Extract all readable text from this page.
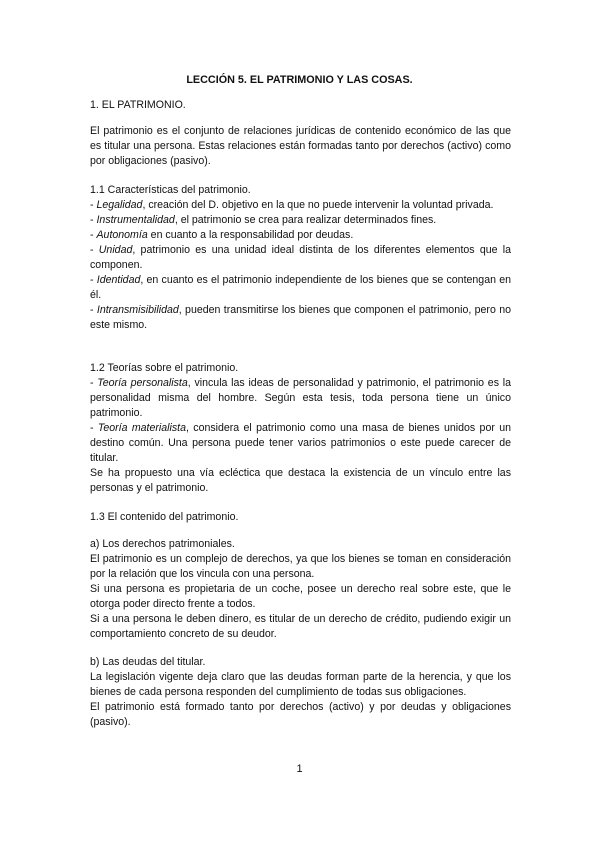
LECCIÓN 5. EL PATRIMONIO Y LAS COSAS.

1. EL PATRIMONIO.

El patrimonio es el conjunto de relaciones jurídicas de contenido económico de las que es titular una persona. Estas relaciones están formadas tanto por derechos (activo) como por obligaciones (pasivo).

1.1 Características del patrimonio.

- Legalidad, creación del D. objetivo en la que no puede intervenir la voluntad privada.

- Instrumentalidad, el patrimonio se crea para realizar determinados fines.

- Autonomía en cuanto a la responsabilidad por deudas.

- Unidad, patrimonio es una unidad ideal distinta de los diferentes elementos que la componen.

- Identidad, en cuanto es el patrimonio independiente de los bienes que se contengan en él.

- Intransmisibilidad, pueden transmitirse los bienes que componen el patrimonio, pero no este mismo.

1.2 Teorías sobre el patrimonio.

- Teoría personalista, vincula las ideas de personalidad y patrimonio, el patrimonio es la personalidad misma del hombre. Según esta tesis, toda persona tiene un único patrimonio.

- Teoría materialista, considera el patrimonio como una masa de bienes unidos por un destino común. Una persona puede tener varios patrimonios o este puede carecer de titular.

Se ha propuesto una vía ecléctica que destaca la existencia de un vínculo entre las personas y el patrimonio.

1.3 El contenido del patrimonio.

a) Los derechos patrimoniales.

El patrimonio es un complejo de derechos, ya que los bienes se toman en consideración por la relación que los vincula con una persona.

Si una persona es propietaria de un coche, posee un derecho real sobre este, que le otorga poder directo frente a todos.

Si a una persona le deben dinero, es titular de un derecho de crédito, pudiendo exigir un comportamiento concreto de su deudor.

b) Las deudas del titular.

La legislación vigente deja claro que las deudas forman parte de la herencia, y que los bienes de cada persona responden del cumplimiento de todas sus obligaciones.

El patrimonio está formado tanto por derechos (activo) y por deudas y obligaciones (pasivo).

1
